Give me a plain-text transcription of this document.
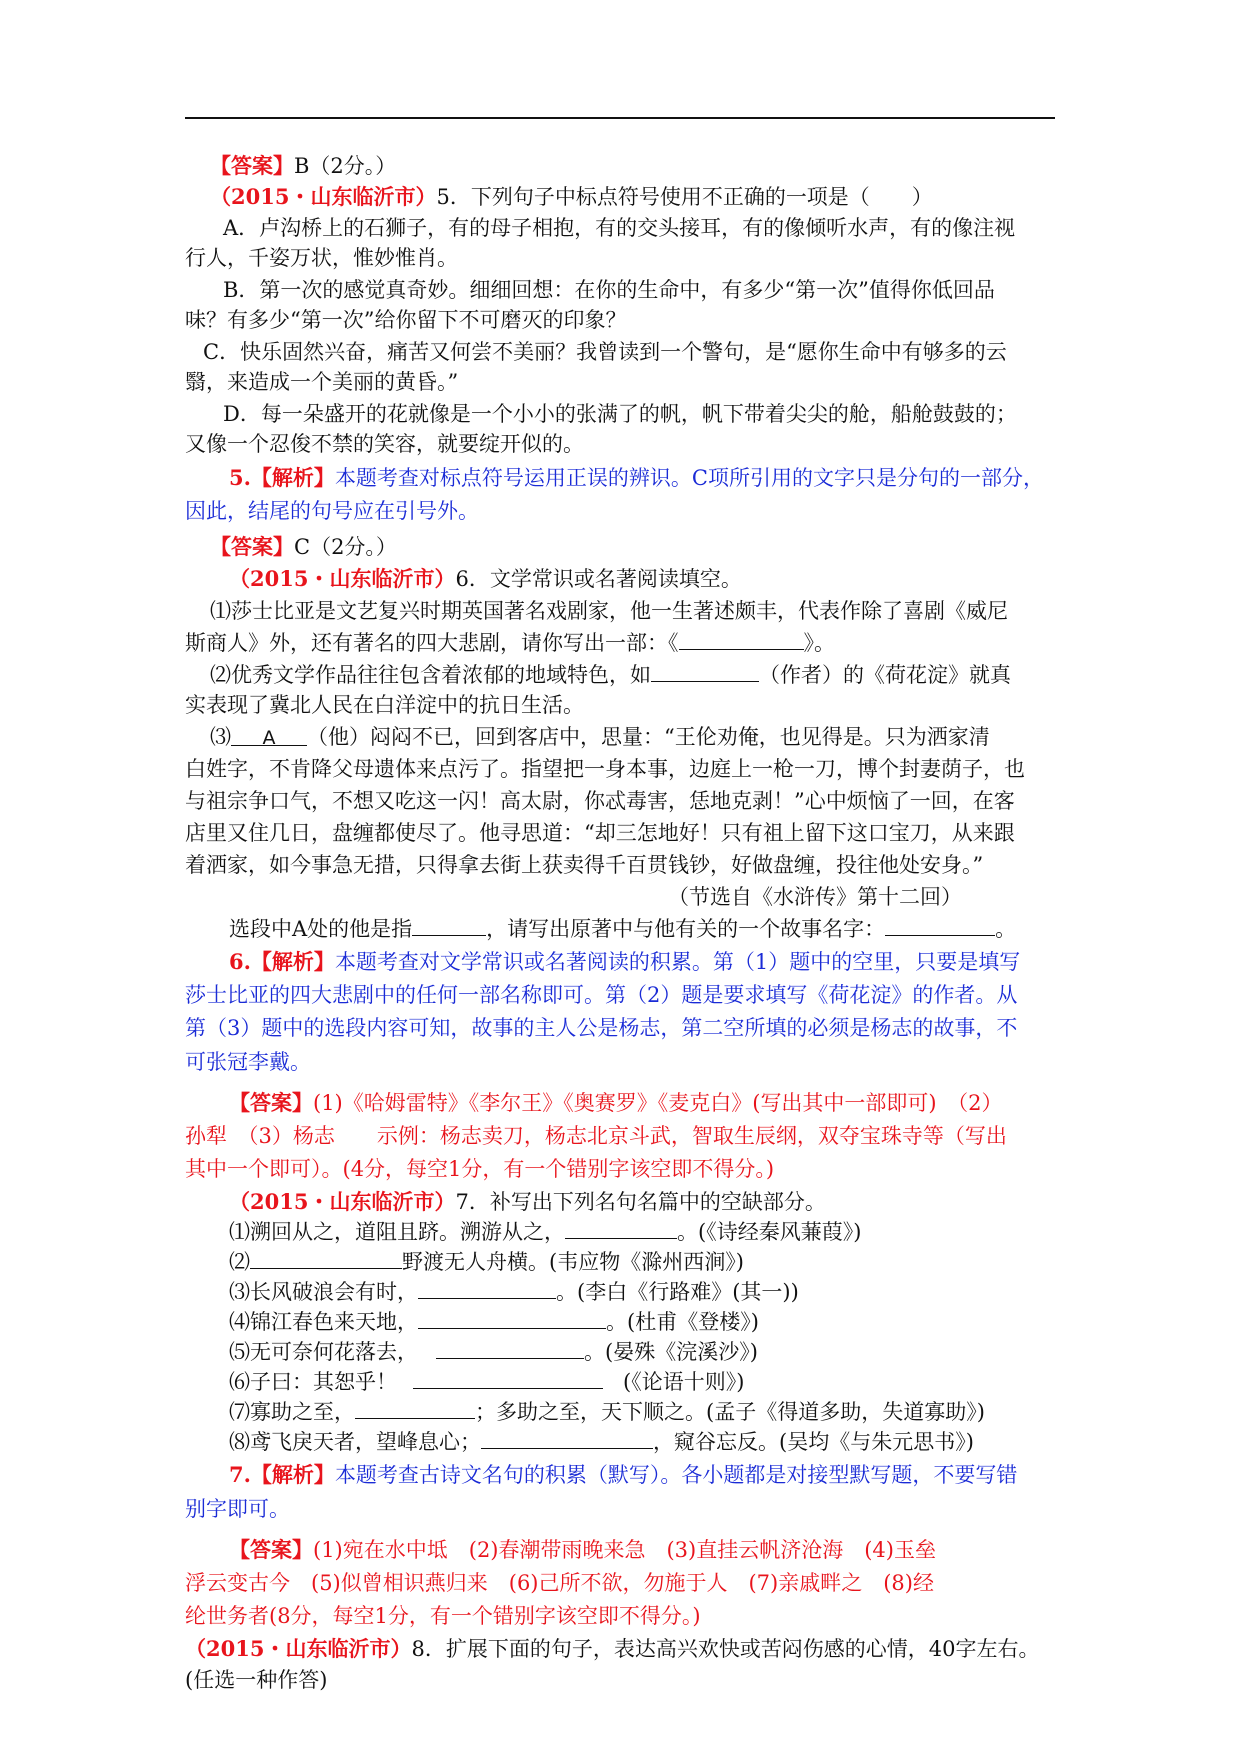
【答案】B（2分。）
（2015・山东临沂市）5．下列句子中标点符号使用不正确的一项是（　　）
A．卢沟桥上的石狮子，有的母子相抱，有的交头接耳，有的像倾听水声，有的像注视
行人，千姿万状，惟妙惟肖。
B．第一次的感觉真奇妙。细细回想：在你的生命中，有多少“第一次”值得你低回品
味？有多少“第一次”给你留下不可磨灭的印象？
C．快乐固然兴奋，痛苦又何尝不美丽？我曾读到一个警句，是“愿你生命中有够多的云
翳，来造成一个美丽的黄昏。”
D．每一朵盛开的花就像是一个小小的张满了的帆，帆下带着尖尖的舱，船舱鼓鼓的；
又像一个忍俊不禁的笑容，就要绽开似的。
5.【解析】本题考查对标点符号运用正误的辨识。C项所引用的文字只是分句的一部分，
因此，结尾的句号应在引号外。
【答案】C（2分。）
（2015・山东临沂市）6．文学常识或名著阅读填空。
⑴莎士比亚是文艺复兴时期英国著名戏剧家，他一生著述颇丰，代表作除了喜剧《威尼
斯商人》外，还有著名的四大悲剧，请你写出一部：《	》。
⑵优秀文学作品往往包含着浓郁的地域特色，如	（作者）的《荷花淀》就真
实表现了冀北人民在白洋淀中的抗日生活。
⑶ A （他）闷闷不已，回到客店中，思量：“王伦劝俺，也见得是。只为洒家清
白姓字，不肯降父母遗体来点污了。指望把一身本事，边庭上一枪一刀，博个封妻荫子，也
与祖宗争口气，不想又吃这一闪！高太尉，你忒毒害，恁地克剥！”心中烦恼了一回，在客
店里又住几日，盘缠都使尽了。他寻思道：“却三怎地好！只有祖上留下这口宝刀，从来跟
着洒家，如今事急无措，只得拿去街上获卖得千百贯钱钞，好做盘缠，投往他处安身。”
（节选自《水浒传》第十二回）
选段中A处的他是指	，请写出原著中与他有关的一个故事名字：	。
6.【解析】本题考查对文学常识或名著阅读的积累。第（1）题中的空里，只要是填写
莎士比亚的四大悲剧中的任何一部名称即可。第（2）题是要求填写《荷花淀》的作者。从
第（3）题中的选段内容可知，故事的主人公是杨志，第二空所填的必须是杨志的故事，不
可张冠李戴。
【答案】(1)《哈姆雷特》《李尔王》《奥赛罗》《麦克白》(写出其中一部即可)　（2）
孙犁　（3）杨志　　示例：杨志卖刀，杨志北京斗武，智取生辰纲，双夺宝珠寺等（写出
其中一个即可）。(4分，每空1分，有一个错别字该空即不得分。)
（2015・山东临沂市）7．补写出下列名句名篇中的空缺部分。
⑴溯回从之，道阻且跻。溯游从之，	。(《诗经秦风蒹葭》)
⑵	野渡无人舟横。(韦应物《滁州西涧》)
⑶长风破浪会有时，	。(李白《行路难》(其一))
⑷锦江春色来天地，	。(杜甫《登楼》)
⑸无可奈何花落去，	。(晏殊《浣溪沙》)
⑹子曰：其恕乎！	(《论语十则》)
⑺寡助之至，	；多助之至，天下顺之。(孟子《得道多助，失道寡助》)
⑻鸢飞戾天者，望峰息心；	，窥谷忘反。(吴均《与朱元思书》)
7.【解析】本题考查古诗文名句的积累（默写）。各小题都是对接型默写题，不要写错
别字即可。
【答案】(1)宛在水中坻　(2)春潮带雨晚来急　(3)直挂云帆济沧海　(4)玉垒
浮云变古今　(5)似曾相识燕归来　(6)己所不欲，勿施于人　(7)亲戚畔之　(8)经
纶世务者(8分，每空1分，有一个错别字该空即不得分。)
（2015・山东临沂市）8．扩展下面的句子，表达高兴欢快或苦闷伤感的心情，40字左右。
(任选一种作答)
